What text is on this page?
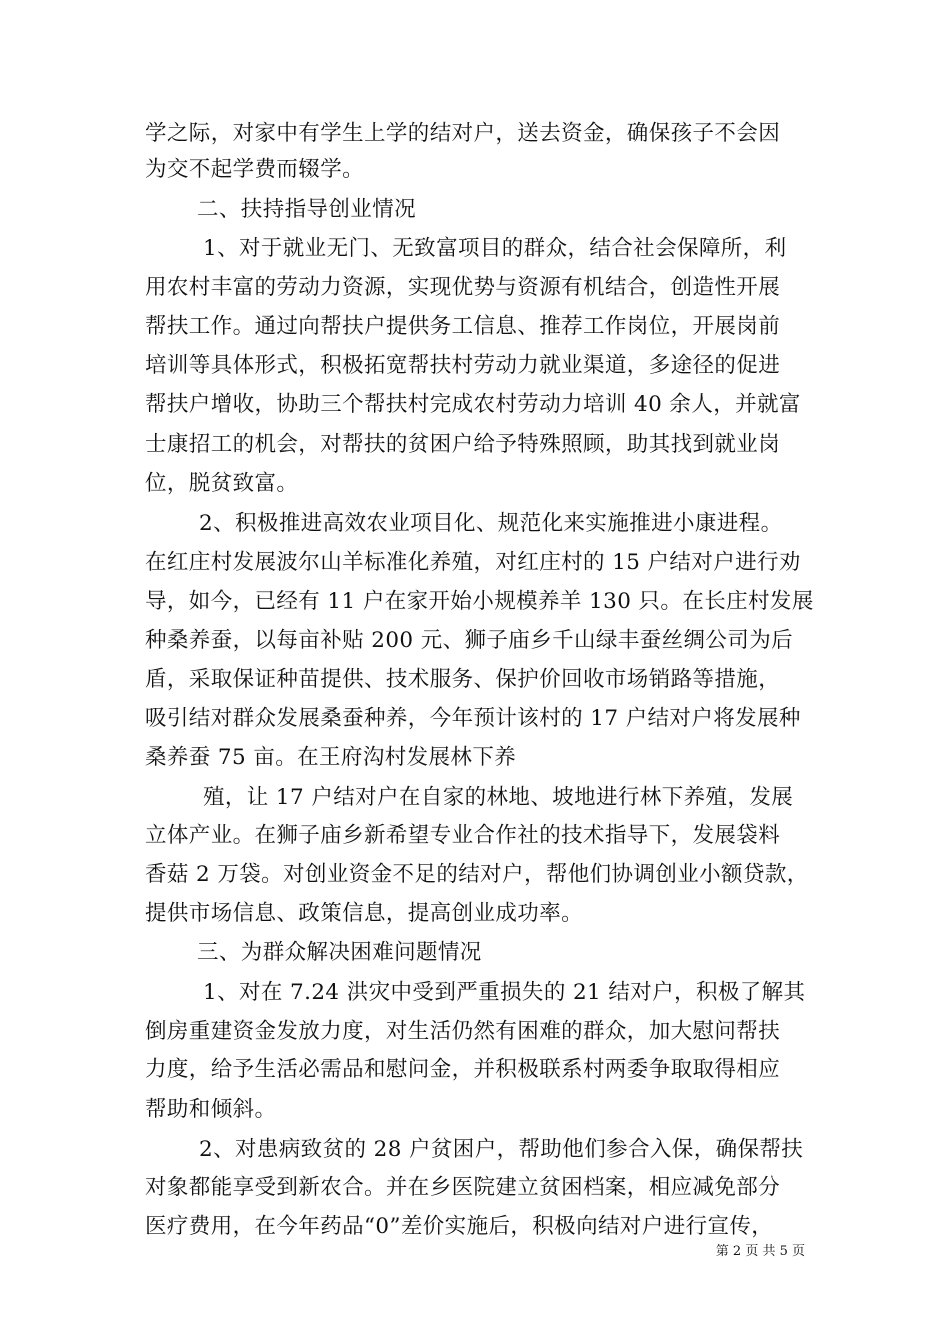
学之际，对家中有学生上学的结对户，送去资金，确保孩子不会因
为交不起学费而辍学。
二、扶持指导创业情况
1、对于就业无门、无致富项目的群众，结合社会保障所，利
用农村丰富的劳动力资源，实现优势与资源有机结合，创造性开展
帮扶工作。通过向帮扶户提供务工信息、推荐工作岗位，开展岗前
培训等具体形式，积极拓宽帮扶村劳动力就业渠道，多途径的促进
帮扶户增收，协助三个帮扶村完成农村劳动力培训 40 余人，并就富
士康招工的机会，对帮扶的贫困户给予特殊照顾，助其找到就业岗
位，脱贫致富。
2、积极推进高效农业项目化、规范化来实施推进小康进程。
在红庄村发展波尔山羊标准化养殖，对红庄村的 15 户结对户进行劝
导，如今，已经有 11 户在家开始小规模养羊 130 只。在长庄村发展
种桑养蚕，以每亩补贴 200 元、狮子庙乡千山绿丰蚕丝绸公司为后
盾，采取保证种苗提供、技术服务、保护价回收市场销路等措施，
吸引结对群众发展桑蚕种养，今年预计该村的 17 户结对户将发展种
桑养蚕 75 亩。在王府沟村发展林下养
殖，让 17 户结对户在自家的林地、坡地进行林下养殖，发展
立体产业。在狮子庙乡新希望专业合作社的技术指导下，发展袋料
香菇 2 万袋。对创业资金不足的结对户，帮他们协调创业小额贷款，
提供市场信息、政策信息，提高创业成功率。
三、为群众解决困难问题情况
1、对在 7.24 洪灾中受到严重损失的 21 结对户，积极了解其
倒房重建资金发放力度，对生活仍然有困难的群众，加大慰问帮扶
力度，给予生活必需品和慰问金，并积极联系村两委争取取得相应
帮助和倾斜。
2、对患病致贫的 28 户贫困户，帮助他们参合入保，确保帮扶
对象都能享受到新农合。并在乡医院建立贫困档案，相应减免部分
医疗费用，在今年药品“0”差价实施后，积极向结对户进行宣传，
第 2 页 共 5 页
